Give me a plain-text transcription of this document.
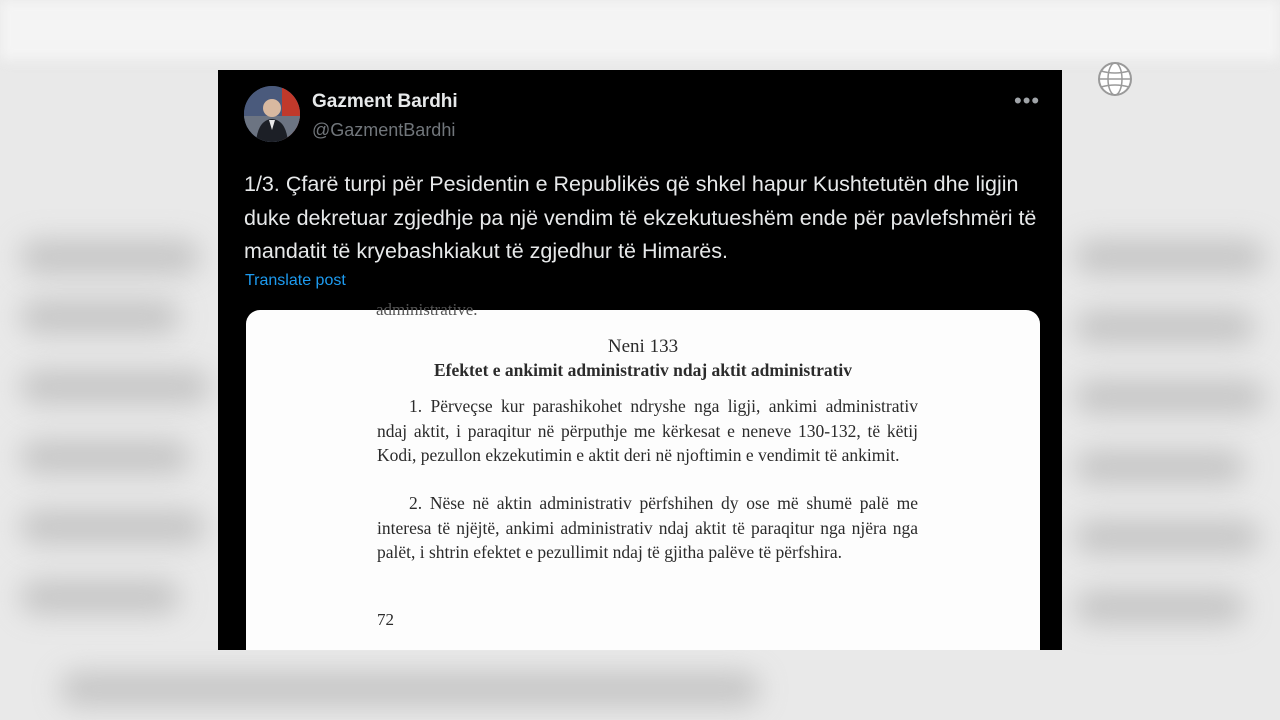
Gazment Bardhi
@GazmentBardhi
•••
1/3. Çfarë turpi për Pesidentin e Republikës që shkel hapur Kushtetutën dhe ligjin duke dekretuar zgjedhje pa një vendim të ekzekutueshëm ende për pavlefshmëri të mandatit të kryebashkiakut të zgjedhur të Himarës.
Translate post
administrative.
Neni 133
Efektet e ankimit administrativ ndaj aktit administrativ
1. Përveçse kur parashikohet ndryshe nga ligji, ankimi administrativ ndaj aktit, i paraqitur në përputhje me kërkesat e neneve 130-132, të këtij Kodi, pezullon ekzekutimin e aktit deri në njoftimin e vendimit të ankimit.
2. Nëse në aktin administrativ përfshihen dy ose më shumë palë me interesa të njëjtë, ankimi administrativ ndaj aktit të paraqitur nga njëra nga palët, i shtrin efektet e pezullimit ndaj të gjitha palëve të përfshira.
72
